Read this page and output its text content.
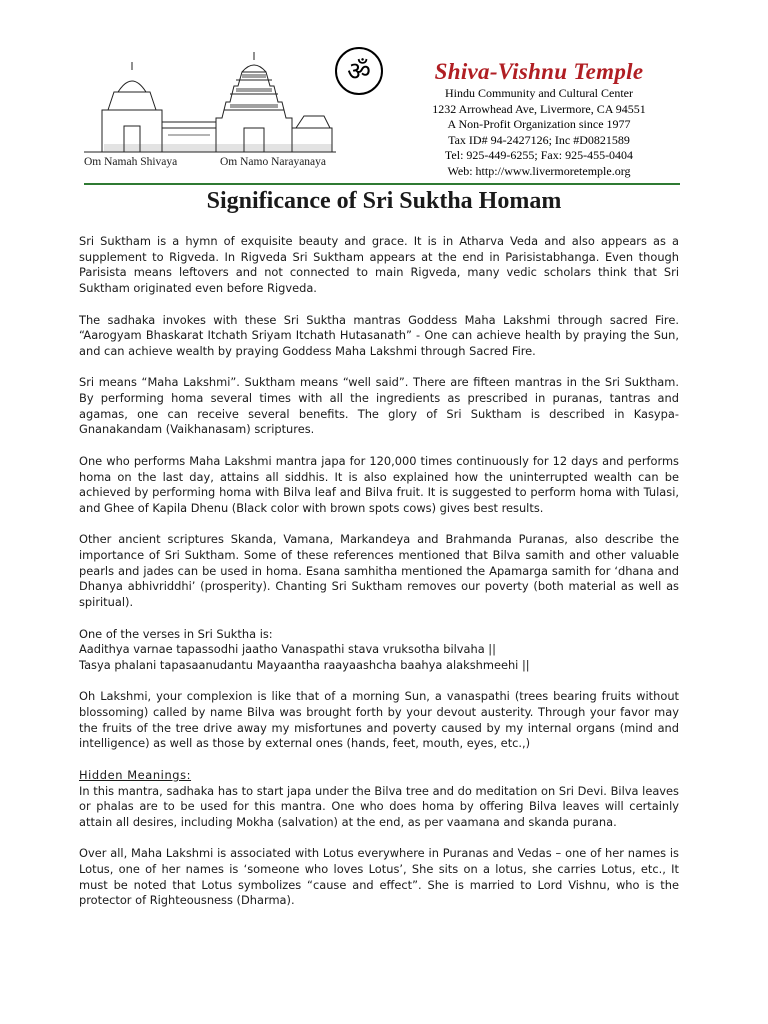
Om Namah Shivaya	Om Namo Narayanaya
ॐ	Shiva-Vishnu Temple
Hindu Community and Cultural Center
1232 Arrowhead Ave, Livermore, CA 94551
A Non-Profit Organization since 1977
Tax ID# 94-2427126; Inc #D0821589
Tel: 925-449-6255; Fax: 925-455-0404
Web: http://www.livermoretemple.org
Significance of Sri Suktha Homam

Sri Suktham is a hymn of exquisite beauty and grace. It is in Atharva Veda and also appears as a supplement to Rigveda. In Rigveda Sri Suktham appears at the end in Parisistabhanga. Even though Parisista means leftovers and not connected to main Rigveda, many vedic scholars think that Sri Suktham originated even before Rigveda.

The sadhaka invokes with these Sri Suktha mantras Goddess Maha Lakshmi through sacred Fire. “Aarogyam Bhaskarat Itchath Sriyam Itchath Hutasanath” - One can achieve health by praying the Sun, and can achieve wealth by praying Goddess Maha Lakshmi through Sacred Fire.

Sri means “Maha Lakshmi”. Suktham means “well said”. There are fifteen mantras in the Sri Suktham. By performing homa several times with all the ingredients as prescribed in puranas, tantras and agamas, one can receive several benefits. The glory of Sri Suktham is described in Kasypa-Gnanakandam (Vaikhanasam) scriptures.

One who performs Maha Lakshmi mantra japa for 120,000 times continuously for 12 days and performs homa on the last day, attains all siddhis. It is also explained how the uninterrupted wealth can be achieved by performing homa with Bilva leaf and Bilva fruit. It is suggested to perform homa with Tulasi, and Ghee of Kapila Dhenu (Black color with brown spots cows) gives best results.

Other ancient scriptures Skanda, Vamana, Markandeya and Brahmanda Puranas, also describe the importance of Sri Suktham. Some of these references mentioned that Bilva samith and other valuable pearls and jades can be used in homa. Esana samhitha mentioned the Apamarga samith for ‘dhana and Dhanya abhivriddhi’ (prosperity). Chanting Sri Suktham removes our poverty (both material as well as spiritual).

One of the verses in Sri Suktha is:
Aadithya varnae tapassodhi jaatho Vanaspathi stava vruksotha bilvaha ||
Tasya phalani tapasaanudantu Mayaantha raayaashcha baahya alakshmeehi ||

Oh Lakshmi, your complexion is like that of a morning Sun, a vanaspathi (trees bearing fruits without blossoming) called by name Bilva was brought forth by your devout austerity. Through your favor may the fruits of the tree drive away my misfortunes and poverty caused by my internal organs (mind and intelligence) as well as those by external ones (hands, feet, mouth, eyes, etc.,)

Hidden Meanings:
In this mantra, sadhaka has to start japa under the Bilva tree and do meditation on Sri Devi. Bilva leaves or phalas are to be used for this mantra. One who does homa by offering Bilva leaves will certainly attain all desires, including Mokha (salvation) at the end, as per vaamana and skanda purana.

Over all, Maha Lakshmi is associated with Lotus everywhere in Puranas and Vedas – one of her names is Lotus, one of her names is ‘someone who loves Lotus’, She sits on a lotus, she carries Lotus, etc., It must be noted that Lotus symbolizes “cause and effect”. She is married to Lord Vishnu, who is the protector of Righteousness (Dharma).
